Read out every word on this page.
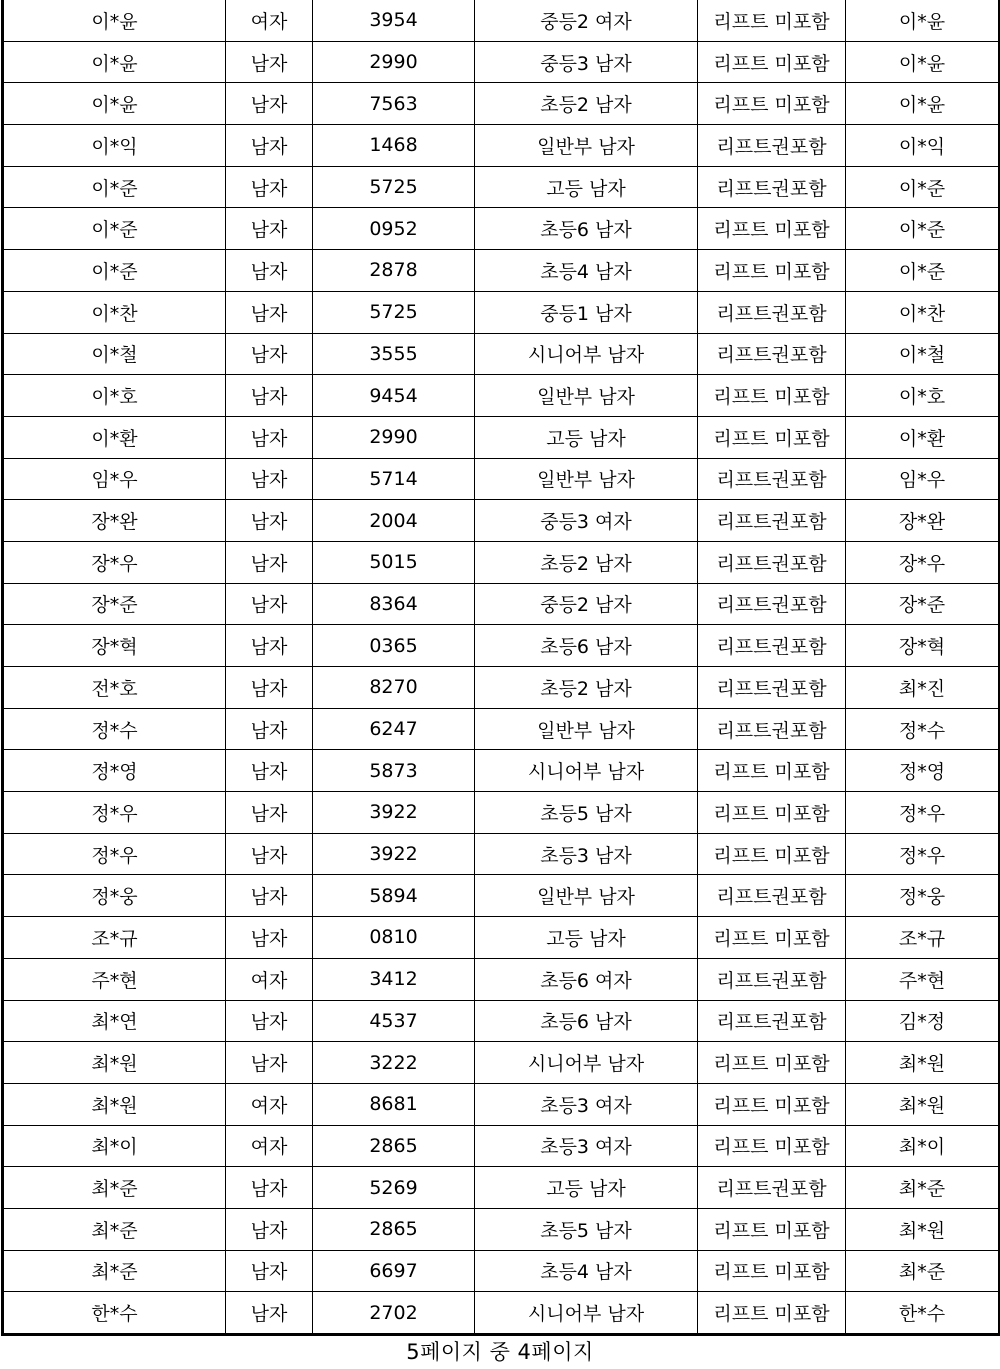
이*윤	여자	3954	중등2 여자	리프트 미포함	이*윤
이*윤	남자	2990	중등3 남자	리프트 미포함	이*윤
이*윤	남자	7563	초등2 남자	리프트 미포함	이*윤
이*익	남자	1468	일반부 남자	리프트권포함	이*익
이*준	남자	5725	고등 남자	리프트권포함	이*준
이*준	남자	0952	초등6 남자	리프트 미포함	이*준
이*준	남자	2878	초등4 남자	리프트 미포함	이*준
이*찬	남자	5725	중등1 남자	리프트권포함	이*찬
이*철	남자	3555	시니어부 남자	리프트권포함	이*철
이*호	남자	9454	일반부 남자	리프트 미포함	이*호
이*환	남자	2990	고등 남자	리프트 미포함	이*환
임*우	남자	5714	일반부 남자	리프트권포함	임*우
장*완	남자	2004	중등3 여자	리프트권포함	장*완
장*우	남자	5015	초등2 남자	리프트권포함	장*우
장*준	남자	8364	중등2 남자	리프트권포함	장*준
장*혁	남자	0365	초등6 남자	리프트권포함	장*혁
전*호	남자	8270	초등2 남자	리프트권포함	최*진
정*수	남자	6247	일반부 남자	리프트권포함	정*수
정*영	남자	5873	시니어부 남자	리프트 미포함	정*영
정*우	남자	3922	초등5 남자	리프트 미포함	정*우
정*우	남자	3922	초등3 남자	리프트 미포함	정*우
정*웅	남자	5894	일반부 남자	리프트권포함	정*웅
조*규	남자	0810	고등 남자	리프트 미포함	조*규
주*현	여자	3412	초등6 여자	리프트권포함	주*현
최*연	남자	4537	초등6 남자	리프트권포함	김*정
최*원	남자	3222	시니어부 남자	리프트 미포함	최*원
최*원	여자	8681	초등3 여자	리프트 미포함	최*원
최*이	여자	2865	초등3 여자	리프트 미포함	최*이
최*준	남자	5269	고등 남자	리프트권포함	최*준
최*준	남자	2865	초등5 남자	리프트 미포함	최*원
최*준	남자	6697	초등4 남자	리프트 미포함	최*준
한*수	남자	2702	시니어부 남자	리프트 미포함	한*수
5페이지 중 4페이지
